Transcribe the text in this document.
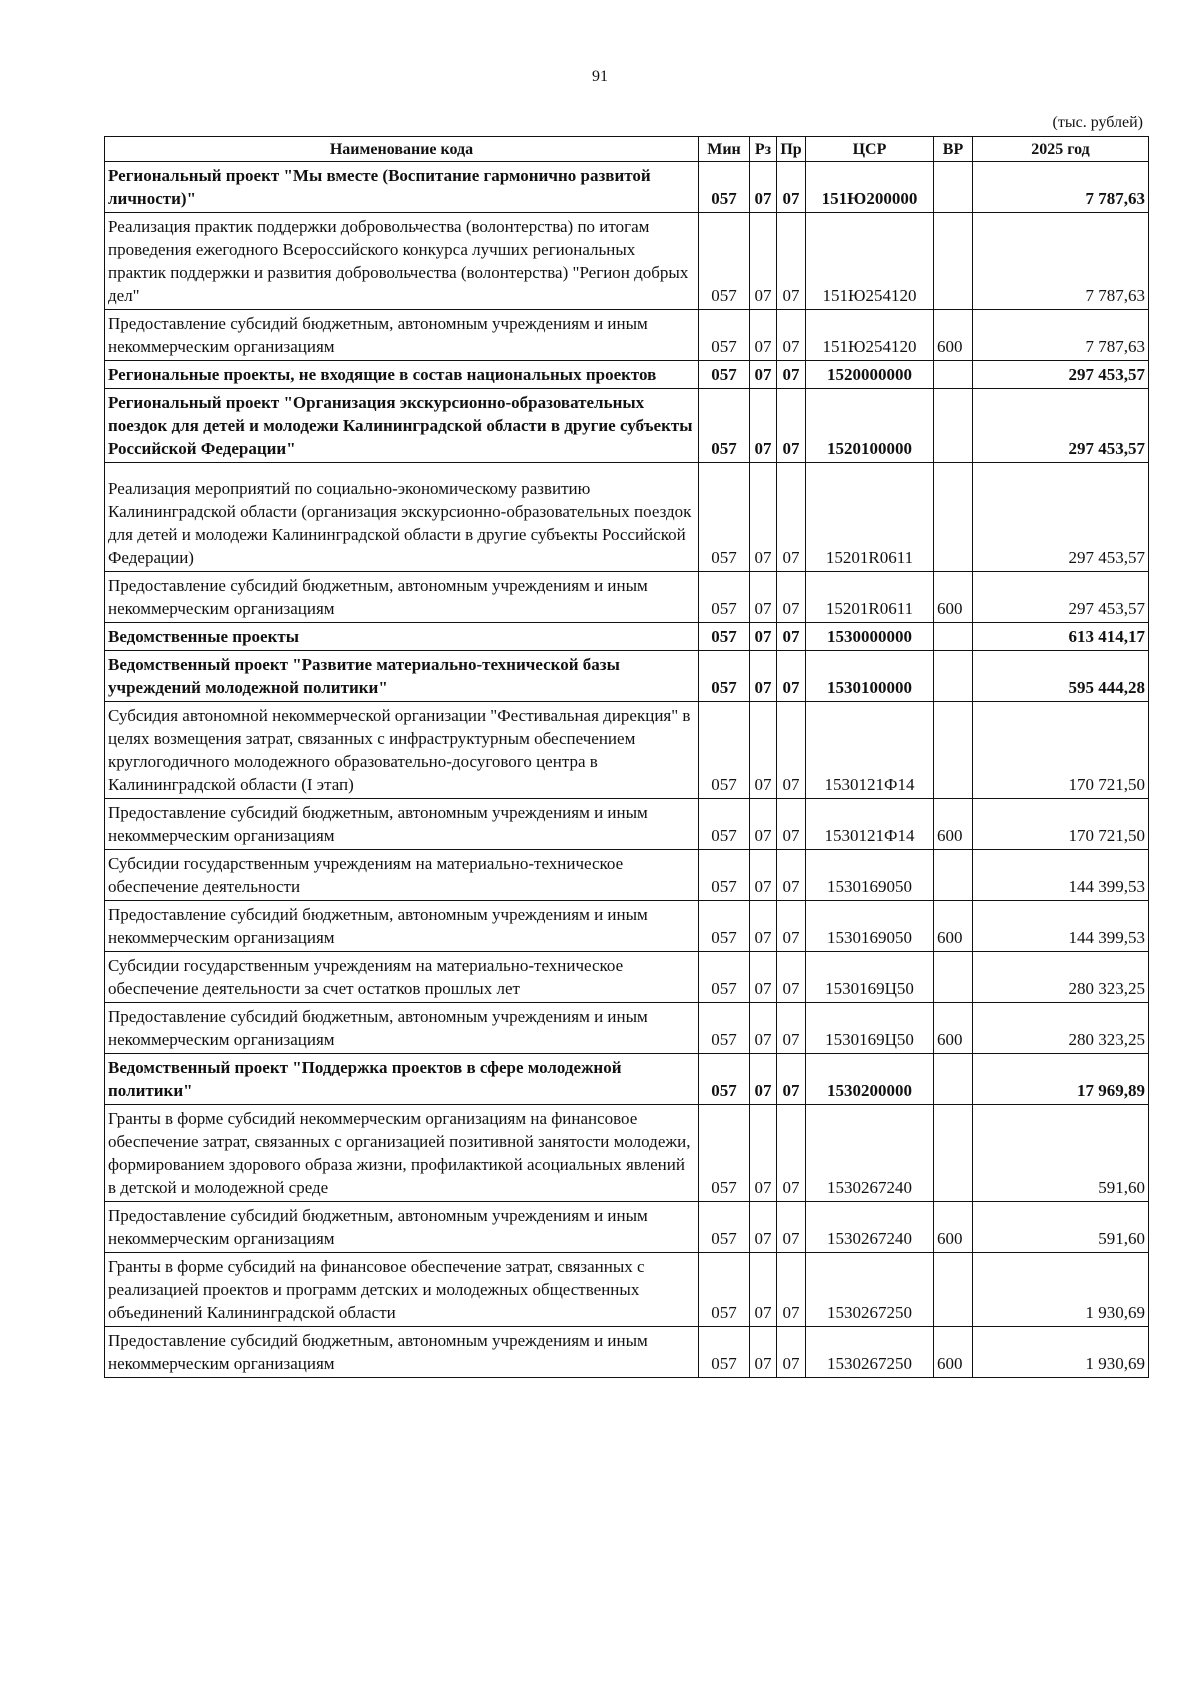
91
(тыс. рублей)
Наименование кода	Мин	Рз	Пр	ЦСР	ВР	2025 год
Региональный проект "Мы вместе (Воспитание гармонично развитой личности)"	057	07	07	151Ю200000		7 787,63
Реализация практик поддержки добровольчества (волонтерства) по итогам проведения ежегодного Всероссийского конкурса лучших региональных практик поддержки и развития добровольчества (волонтерства) "Регион добрых дел"	057	07	07	151Ю254120		7 787,63
Предоставление субсидий бюджетным, автономным учреждениям и иным некоммерческим организациям	057	07	07	151Ю254120	600	7 787,63
Региональные проекты, не входящие в состав национальных проектов	057	07	07	1520000000		297 453,57
Региональный проект "Организация экскурсионно-образовательных поездок для детей и молодежи Калининградской области в другие субъекты Российской Федерации"	057	07	07	1520100000		297 453,57
Реализация мероприятий по социально-экономическому развитию Калининградской области (организация экскурсионно-образовательных поездок для детей и молодежи Калининградской области в другие субъекты Российской Федерации)	057	07	07	15201R0611		297 453,57
Предоставление субсидий бюджетным, автономным учреждениям и иным некоммерческим организациям	057	07	07	15201R0611	600	297 453,57
Ведомственные проекты	057	07	07	1530000000		613 414,17
Ведомственный проект "Развитие материально-технической базы учреждений молодежной политики"	057	07	07	1530100000		595 444,28
Субсидия автономной некоммерческой организации "Фестивальная дирекция" в целях возмещения затрат, связанных с инфраструктурным обеспечением круглогодичного молодежного образовательно-досугового центра в Калининградской области (I этап)	057	07	07	1530121Ф14		170 721,50
Предоставление субсидий бюджетным, автономным учреждениям и иным некоммерческим организациям	057	07	07	1530121Ф14	600	170 721,50
Субсидии государственным учреждениям на материально-техническое обеспечение деятельности	057	07	07	1530169050		144 399,53
Предоставление субсидий бюджетным, автономным учреждениям и иным некоммерческим организациям	057	07	07	1530169050	600	144 399,53
Субсидии государственным учреждениям на материально-техническое обеспечение деятельности за счет остатков прошлых лет	057	07	07	1530169Ц50		280 323,25
Предоставление субсидий бюджетным, автономным учреждениям и иным некоммерческим организациям	057	07	07	1530169Ц50	600	280 323,25
Ведомственный проект "Поддержка проектов в сфере молодежной политики"	057	07	07	1530200000		17 969,89
Гранты в форме субсидий некоммерческим организациям на финансовое обеспечение затрат, связанных с организацией позитивной занятости молодежи, формированием здорового образа жизни, профилактикой асоциальных явлений в детской и молодежной среде	057	07	07	1530267240		591,60
Предоставление субсидий бюджетным, автономным учреждениям и иным некоммерческим организациям	057	07	07	1530267240	600	591,60
Гранты в форме субсидий на финансовое обеспечение затрат, связанных с реализацией проектов и программ детских и молодежных общественных объединений Калининградской области	057	07	07	1530267250		1 930,69
Предоставление субсидий бюджетным, автономным учреждениям и иным некоммерческим организациям	057	07	07	1530267250	600	1 930,69
